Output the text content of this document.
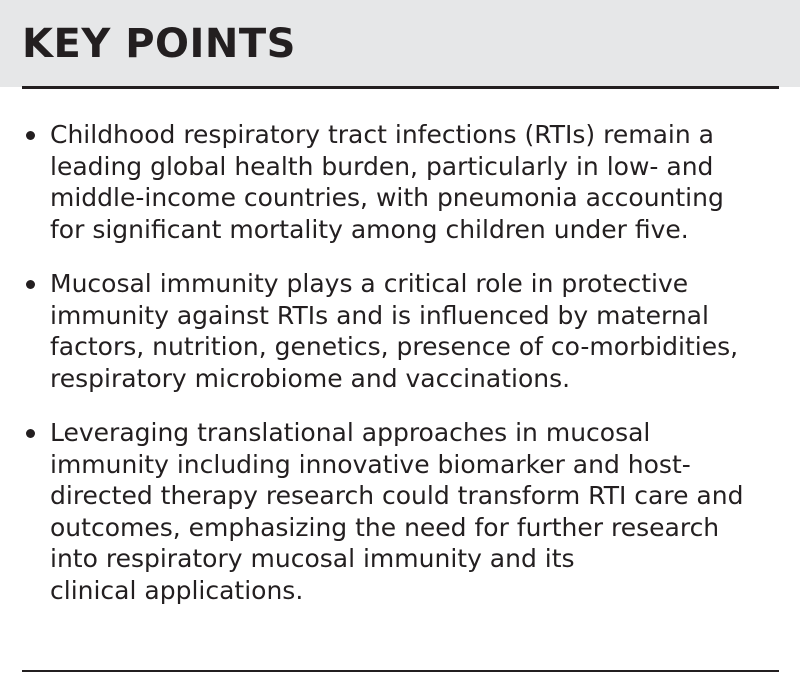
KEY POINTS
Childhood respiratory tract infections (RTIs) remain a
leading global health burden, particularly in low- and
middle-income countries, with pneumonia accounting
for significant mortality among children under five.
Mucosal immunity plays a critical role in protective
immunity against RTIs and is influenced by maternal
factors, nutrition, genetics, presence of co-morbidities,
respiratory microbiome and vaccinations.
Leveraging translational approaches in mucosal
immunity including innovative biomarker and host-
directed therapy research could transform RTI care and
outcomes, emphasizing the need for further research
into respiratory mucosal immunity and its
clinical applications.
